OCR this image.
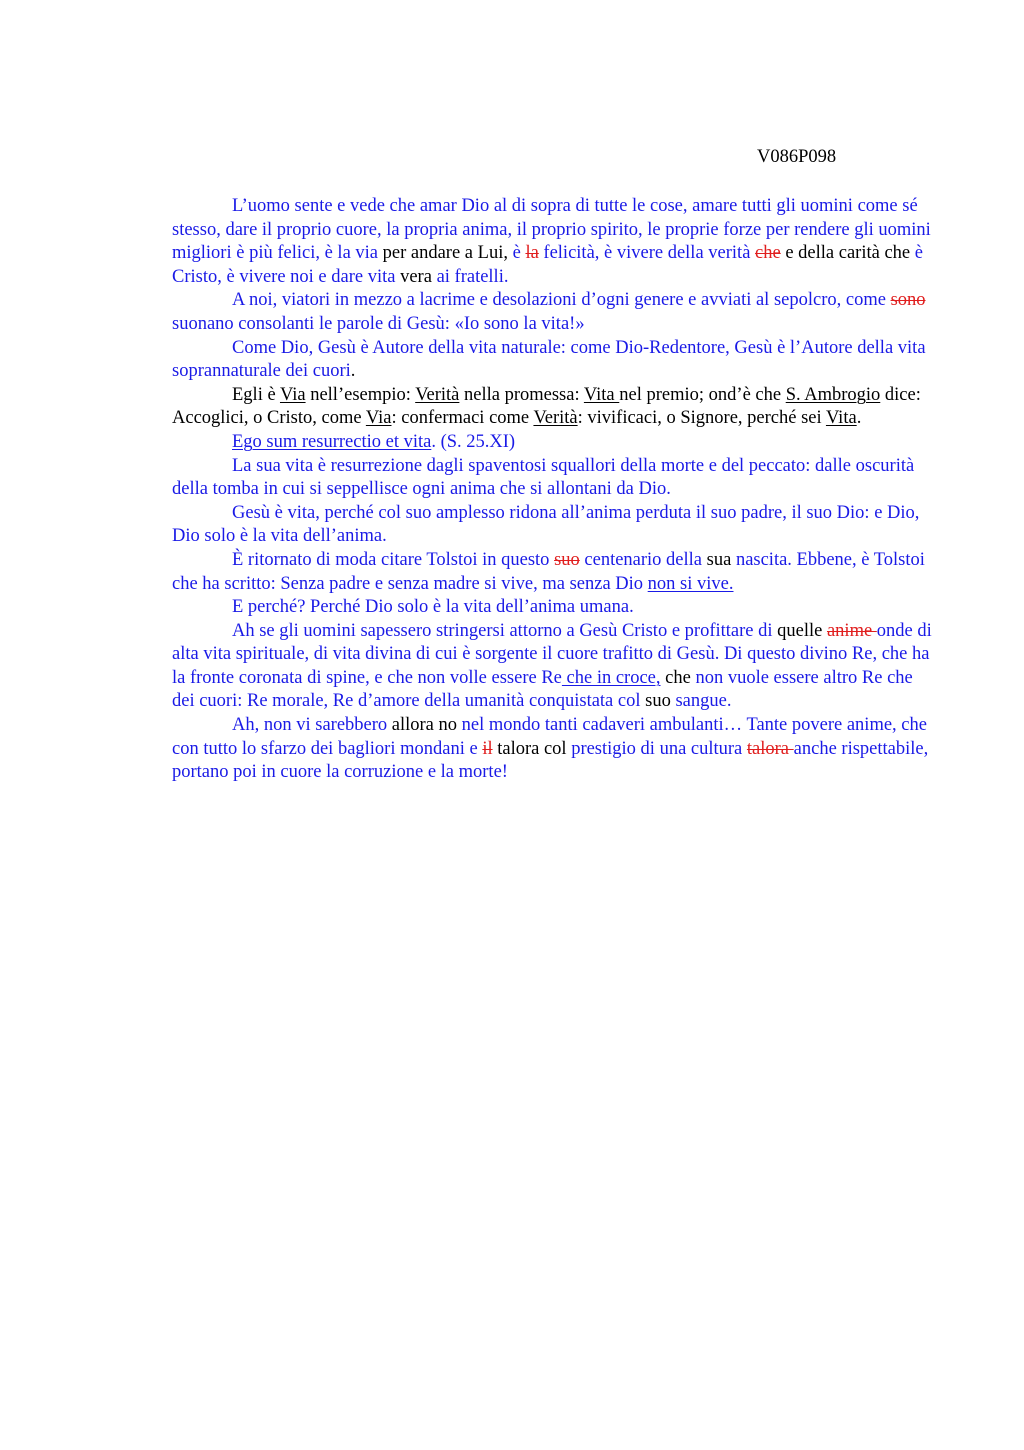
V086P098

L’uomo sente e vede che amar Dio al di sopra di tutte le cose, amare tutti gli uomini come sé stesso, dare il proprio cuore, la propria anima, il proprio spirito, le proprie forze per rendere gli uomini migliori è più felici, è la via per andare a Lui, è la felicità, è vivere della verità che e della carità che è Cristo, è vivere noi e dare vita vera ai fratelli.

A noi, viatori in mezzo a lacrime e desolazioni d’ogni genere e avviati al sepolcro, come sono suonano consolanti le parole di Gesù: «Io sono la vita!»

Come Dio, Gesù è Autore della vita naturale: come Dio-Redentore, Gesù è l’Autore della vita soprannaturale dei cuori.

Egli è Via nell’esempio: Verità nella promessa: Vita nel premio; ond’è che S. Ambrogio dice: Accoglici, o Cristo, come Via: confermaci come Verità: vivificaci, o Signore, perché sei Vita.

Ego sum resurrectio et vita. (S. 25.XI)

La sua vita è resurrezione dagli spaventosi squallori della morte e del peccato: dalle oscurità della tomba in cui si seppellisce ogni anima che si allontani da Dio.

Gesù è vita, perché col suo amplesso ridona all’anima perduta il suo padre, il suo Dio: e Dio, Dio solo è la vita dell’anima.

È ritornato di moda citare Tolstoi in questo suo centenario della sua nascita. Ebbene, è Tolstoi che ha scritto: Senza padre e senza madre si vive, ma senza Dio non si vive.

E perché? Perché Dio solo è la vita dell’anima umana.

Ah se gli uomini sapessero stringersi attorno a Gesù Cristo e profittare di quelle anime onde di alta vita spirituale, di vita divina di cui è sorgente il cuore trafitto di Gesù. Di questo divino Re, che ha la fronte coronata di spine, e che non volle essere Re che in croce, che non vuole essere altro Re che dei cuori: Re morale, Re d’amore della umanità conquistata col suo sangue.

Ah, non vi sarebbero allora no nel mondo tanti cadaveri ambulanti… Tante povere anime, che con tutto lo sfarzo dei bagliori mondani e il talora col prestigio di una cultura talora anche rispettabile, portano poi in cuore la corruzione e la morte!
